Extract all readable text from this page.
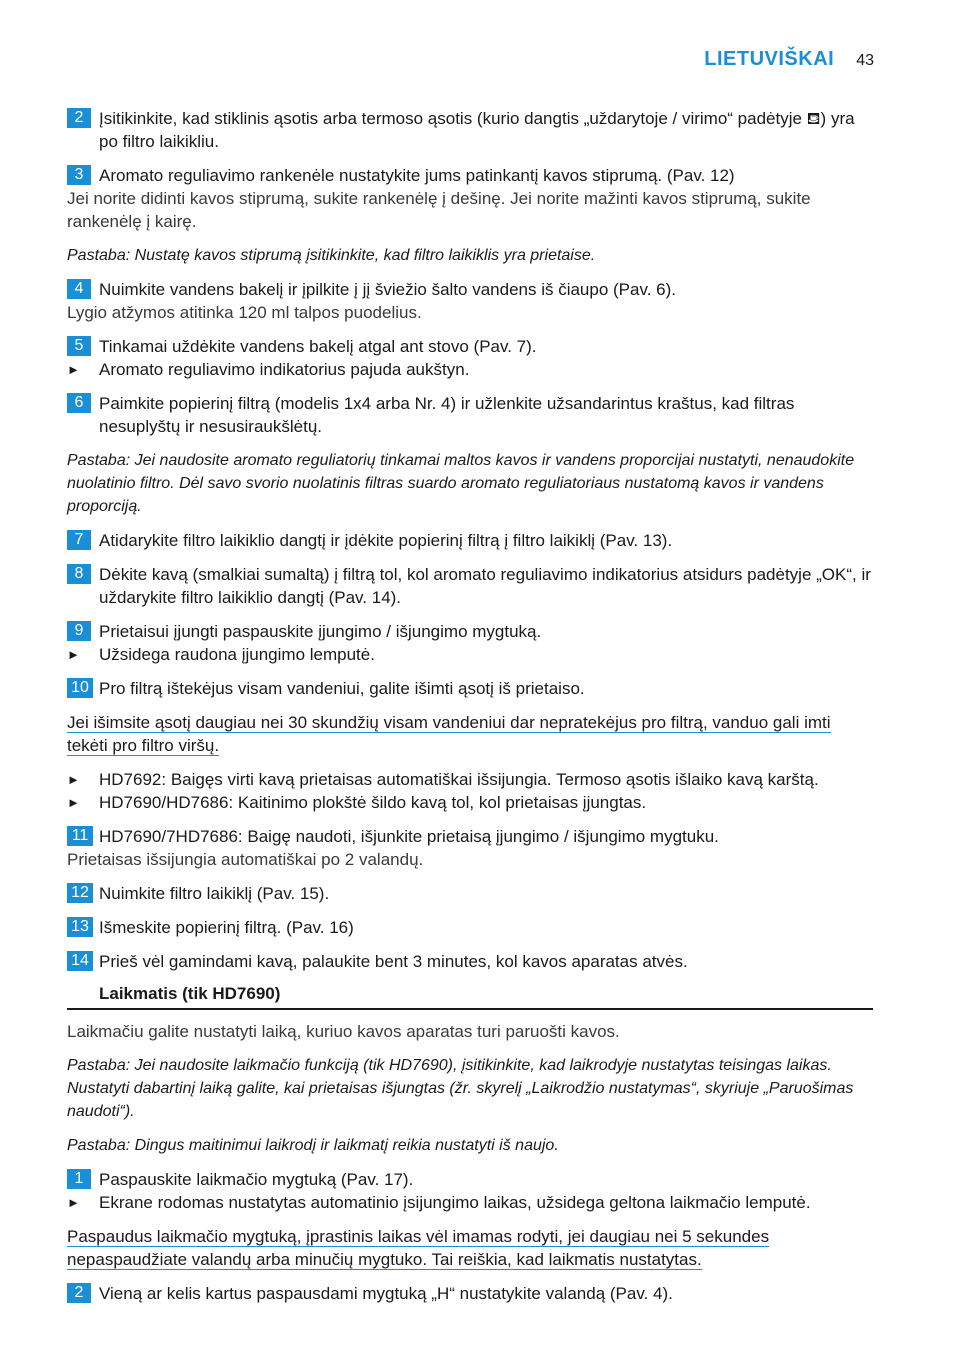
LIETUVIŠKAI 43
2 Įsitikinkite, kad stiklinis ąsotis arba termoso ąsotis (kurio dangtis „uždarytoje / virimo“ padėtyje ⛾) yra po filtro laikikliu.
3 Aromato reguliavimo rankenėle nustatykite jums patinkantį kavos stiprumą. (Pav. 12)
Jei norite didinti kavos stiprumą, sukite rankenėlę į dešinę. Jei norite mažinti kavos stiprumą, sukite rankenėlę į kairę.
Pastaba: Nustatę kavos stiprumą įsitikinkite, kad filtro laikiklis yra prietaise.
4 Nuimkite vandens bakelį ir įpilkite į jį šviežio šalto vandens iš čiaupo (Pav. 6).
Lygio atžymos atitinka 120 ml talpos puodelius.
5 Tinkamai uždėkite vandens bakelį atgal ant stovo (Pav. 7).
►	Aromato reguliavimo indikatorius pajuda aukštyn.
6 Paimkite popierinį filtrą (modelis 1x4 arba Nr. 4) ir užlenkite užsandarintus kraštus, kad filtras nesuplyštų ir nesusiraukšlėtų.
Pastaba: Jei naudosite aromato reguliatorių tinkamai maltos kavos ir vandens proporcijai nustatyti, nenaudokite nuolatinio filtro. Dėl savo svorio nuolatinis filtras suardo aromato reguliatoriaus nustatomą kavos ir vandens proporciją.
7 Atidarykite filtro laikiklio dangtį ir įdėkite popierinį filtrą į filtro laikiklį (Pav. 13).
8 Dėkite kavą (smalkiai sumaltą) į filtrą tol, kol aromato reguliavimo indikatorius atsidurs padėtyje „OK“, ir uždarykite filtro laikiklio dangtį (Pav. 14).
9 Prietaisui įjungti paspauskite įjungimo / išjungimo mygtuką.
►	Užsidega raudona įjungimo lemputė.
10 Pro filtrą ištekėjus visam vandeniui, galite išimti ąsotį iš prietaiso.
Jei išimsite ąsotį daugiau nei 30 skundžių visam vandeniui dar nepratekėjus pro filtrą, vanduo gali imti tekėti pro filtro viršų.
►	HD7692: Baigęs virti kavą prietaisas automatiškai išsijungia. Termoso ąsotis išlaiko kavą karštą.
►	HD7690/HD7686: Kaitinimo plokštė šildo kavą tol, kol prietaisas įjungtas.
11 HD7690/7HD7686: Baigę naudoti, išjunkite prietaisą įjungimo / išjungimo mygtuku.
Prietaisas išsijungia automatiškai po 2 valandų.
12 Nuimkite filtro laikiklį (Pav. 15).
13 Išmeskite popierinį filtrą. (Pav. 16)
14 Prieš vėl gamindami kavą, palaukite bent 3 minutes, kol kavos aparatas atvės.
Laikmatis (tik HD7690)
Laikmačiu galite nustatyti laiką, kuriuo kavos aparatas turi paruošti kavos.
Pastaba: Jei naudosite laikmačio funkciją (tik HD7690), įsitikinkite, kad laikrodyje nustatytas teisingas laikas. Nustatyti dabartinį laiką galite, kai prietaisas išjungtas (žr. skyrelį „Laikrodžio nustatymas“, skyriuje „Paruošimas naudoti“).
Pastaba: Dingus maitinimui laikrodį ir laikmatį reikia nustatyti iš naujo.
1 Paspauskite laikmačio mygtuką (Pav. 17).
►	Ekrane rodomas nustatytas automatinio įsijungimo laikas, užsidega geltona laikmačio lemputė.
Paspaudus laikmačio mygtuką, įprastinis laikas vėl imamas rodyti, jei daugiau nei 5 sekundes nepaspaudžiate valandų arba minučių mygtuko. Tai reiškia, kad laikmatis nustatytas.
2 Vieną ar kelis kartus paspausdami mygtuką „H“ nustatykite valandą (Pav. 4).
